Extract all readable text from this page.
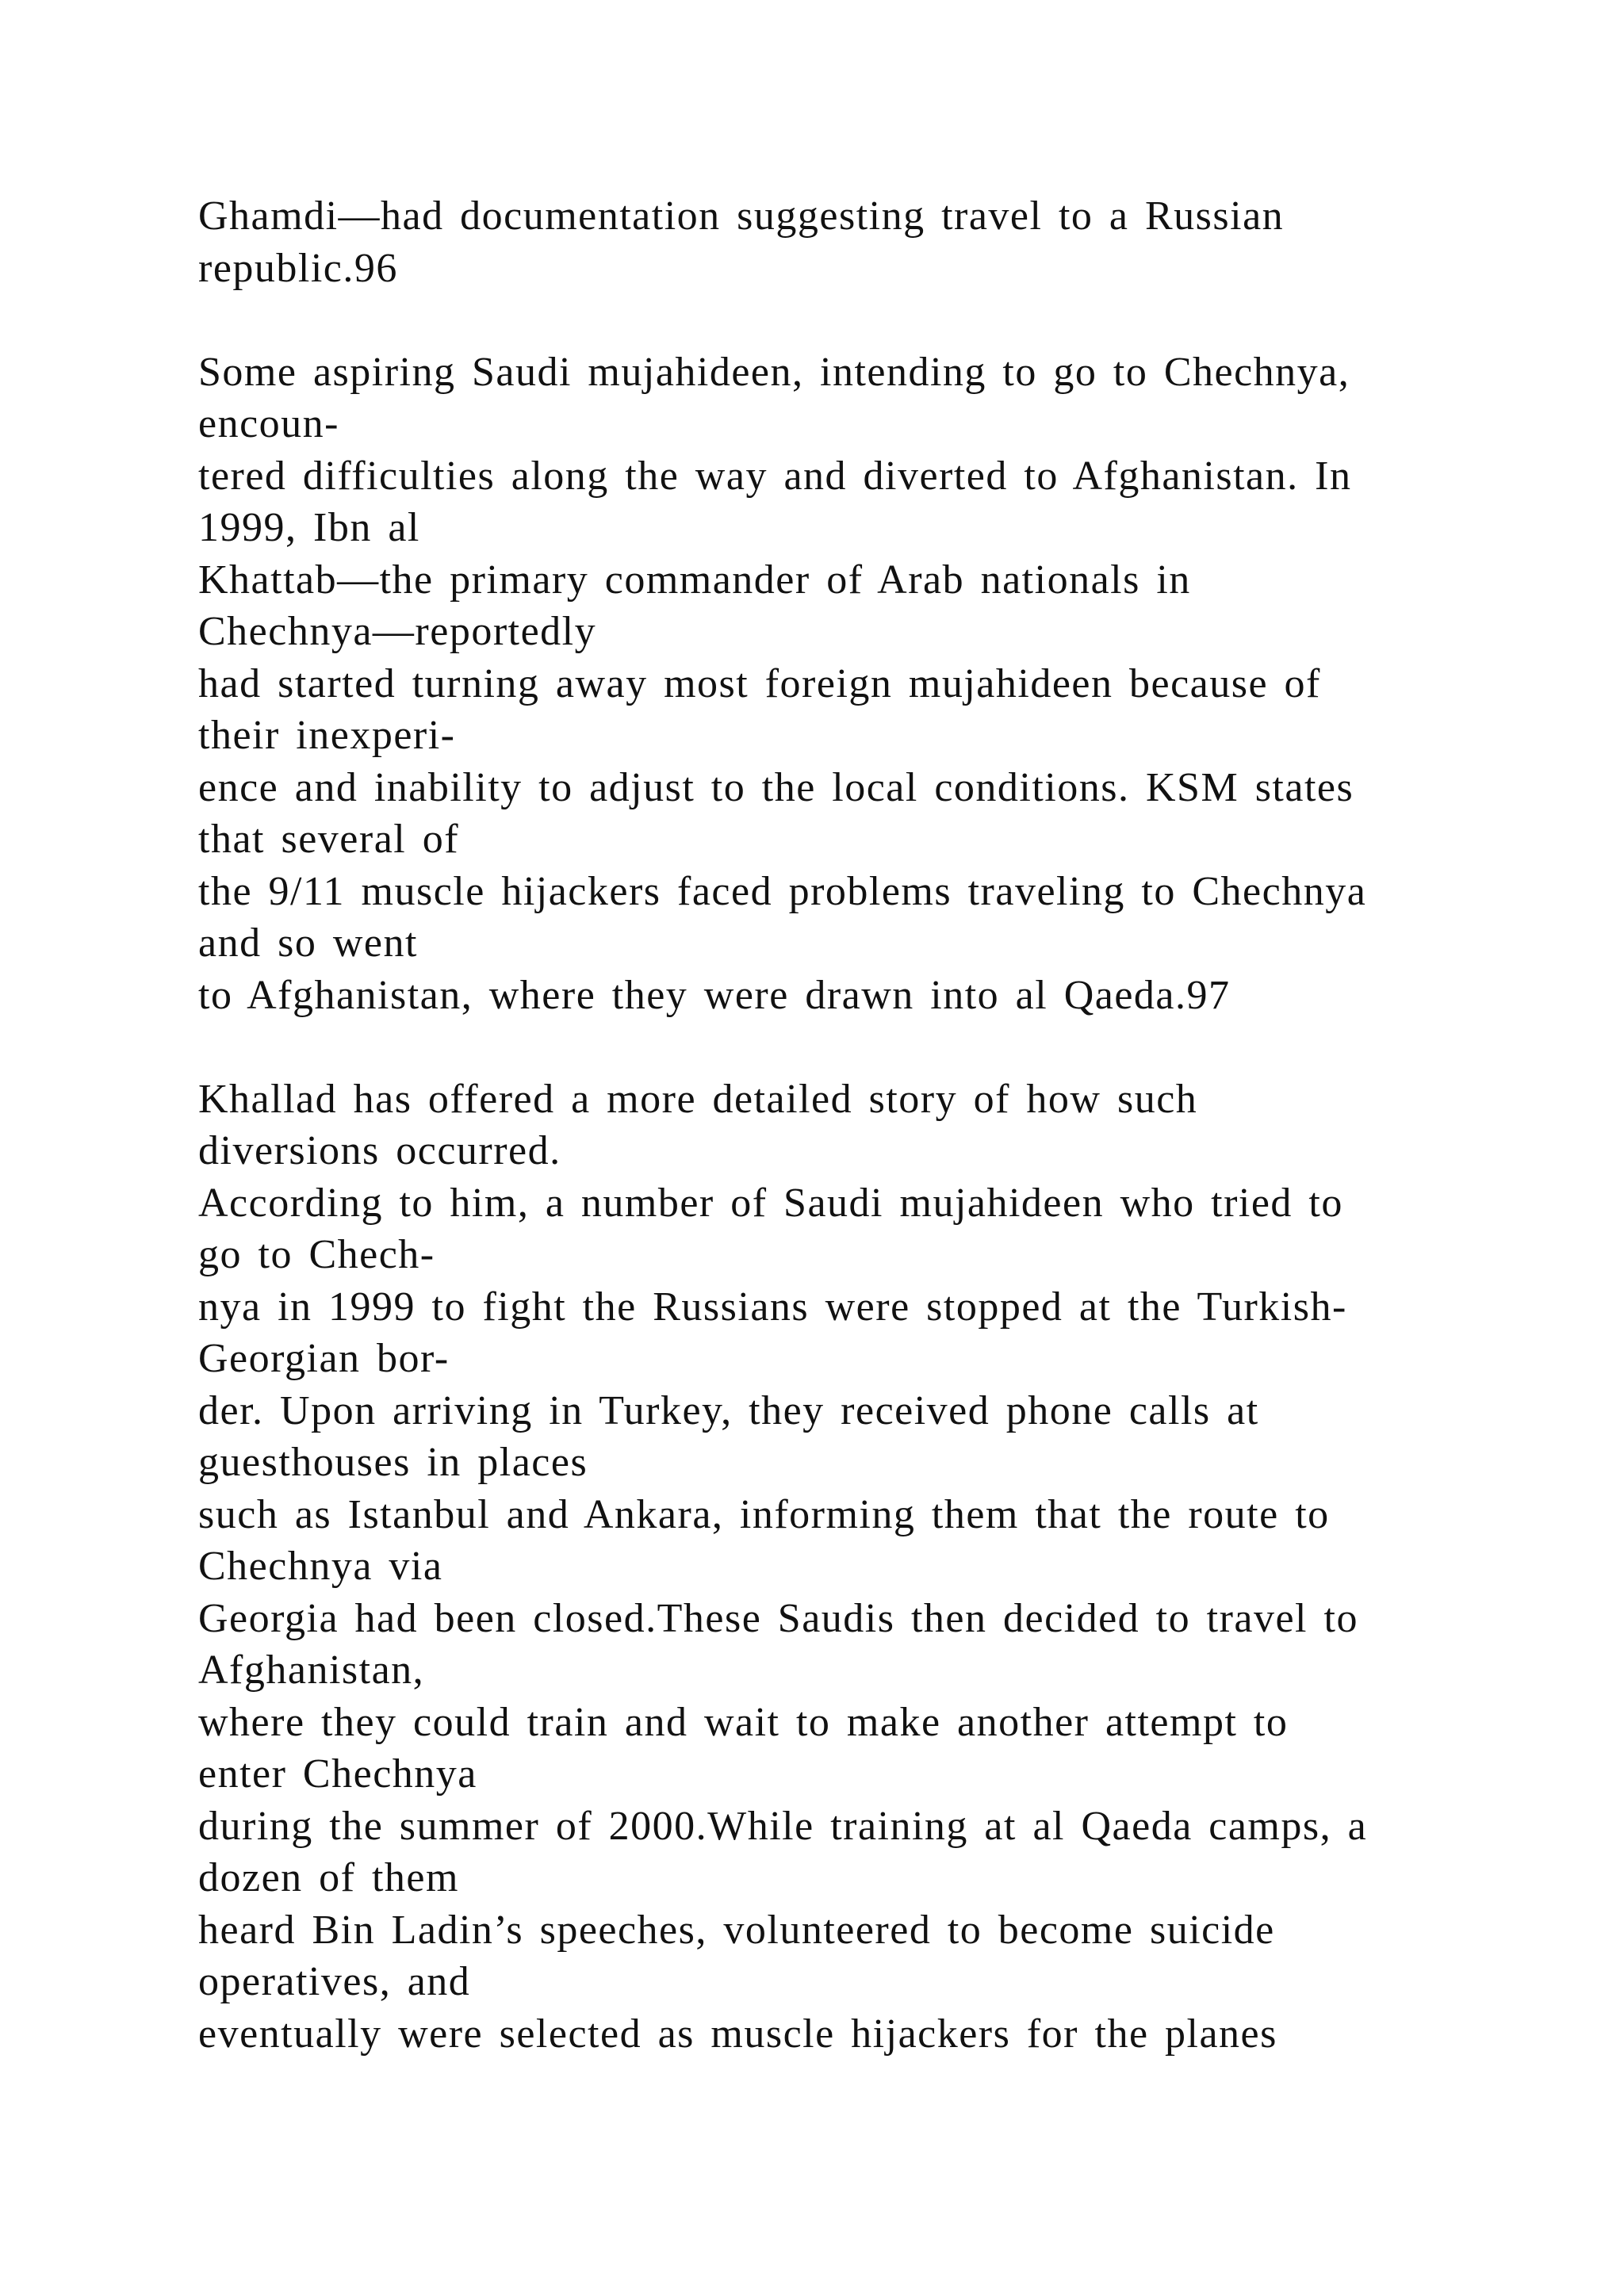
Ghamdi—had documentation suggesting travel to a Russian
republic.96
Some aspiring Saudi mujahideen, intending to go to Chechnya,
encoun-
tered difficulties along the way and diverted to Afghanistan. In
1999, Ibn al
Khattab—the primary commander of Arab nationals in
Chechnya—reportedly
had started turning away most foreign mujahideen because of
their inexperi-
ence and inability to adjust to the local conditions. KSM states
that several of
the 9/11 muscle hijackers faced problems traveling to Chechnya
and so went
to Afghanistan, where they were drawn into al Qaeda.97
Khallad has offered a more detailed story of how such
diversions occurred.
According to him, a number of Saudi mujahideen who tried to
go to Chech-
nya in 1999 to fight the Russians were stopped at the Turkish-
Georgian bor-
der. Upon arriving in Turkey, they received phone calls at
guesthouses in places
such as Istanbul and Ankara, informing them that the route to
Chechnya via
Georgia had been closed.These Saudis then decided to travel to
Afghanistan,
where they could train and wait to make another attempt to
enter Chechnya
during the summer of 2000.While training at al Qaeda camps, a
dozen of them
heard Bin Ladin’s speeches, volunteered to become suicide
operatives, and
eventually were selected as muscle hijackers for the planes
